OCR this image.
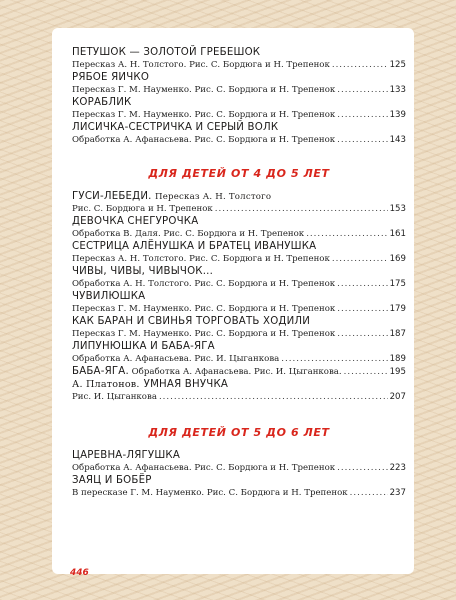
ПЕТУШОК — ЗОЛОТОЙ ГРЕБЕШОК
Пересказ А. Н. Толстого. Рис. С. Бордюга и Н. Трепенок .....	125
РЯБОЕ ЯИЧКО
Пересказ Г. М. Науменко. Рис. С. Бордюга и Н. Трепенок .....	133
КОРАБЛИК
Пересказ Г. М. Науменко. Рис. С. Бордюга и Н. Трепенок .....	139
ЛИСИЧКА-СЕСТРИЧКА И СЕРЫЙ ВОЛК
Обработка А. Афанасьева. Рис. С. Бордюга и Н. Трепенок .....	143
ДЛЯ ДЕТЕЙ ОТ 4 ДО 5 ЛЕТ
ГУСИ-ЛЕБЕДИ. Пересказ А. Н. Толстого
Рис. С. Бордюга и Н. Трепенок .....	153
ДЕВОЧКА СНЕГУРОЧКА
Обработка В. Даля. Рис. С. Бордюга и Н. Трепенок .....	161
СЕСТРИЦА АЛЁНУШКА И БРАТЕЦ ИВАНУШКА
Пересказ А. Н. Толстого. Рис. С. Бордюга и Н. Трепенок .....	169
ЧИВЫ, ЧИВЫ, ЧИВЫЧОК...
Обработка А. Н. Толстого. Рис. С. Бордюга и Н. Трепенок .....	175
ЧУВИЛЮШКА
Пересказ Г. М. Науменко. Рис. С. Бордюга и Н. Трепенок .....	179
КАК БАРАН И СВИНЬЯ ТОРГОВАТЬ ХОДИЛИ
Пересказ Г. М. Науменко. Рис. С. Бордюга и Н. Трепенок .....	187
ЛИПУНЮШКА И БАБА-ЯГА
Обработка А. Афанасьева. Рис. И. Цыганкова .....	189
БАБА-ЯГА. Обработка А. Афанасьева. Рис. И. Цыганкова. .....	195
А. Платонов. УМНАЯ ВНУЧКА
Рис. И. Цыганкова .....	207
ДЛЯ ДЕТЕЙ ОТ 5 ДО 6 ЛЕТ
ЦАРЕВНА-ЛЯГУШКА
Обработка А. Афанасьева. Рис. С. Бордюга и Н. Трепенок .....	223
ЗАЯЦ И БОБЁР
В пересказе Г. М. Науменко. Рис. С. Бордюга и Н. Трепенок .....	237
446
